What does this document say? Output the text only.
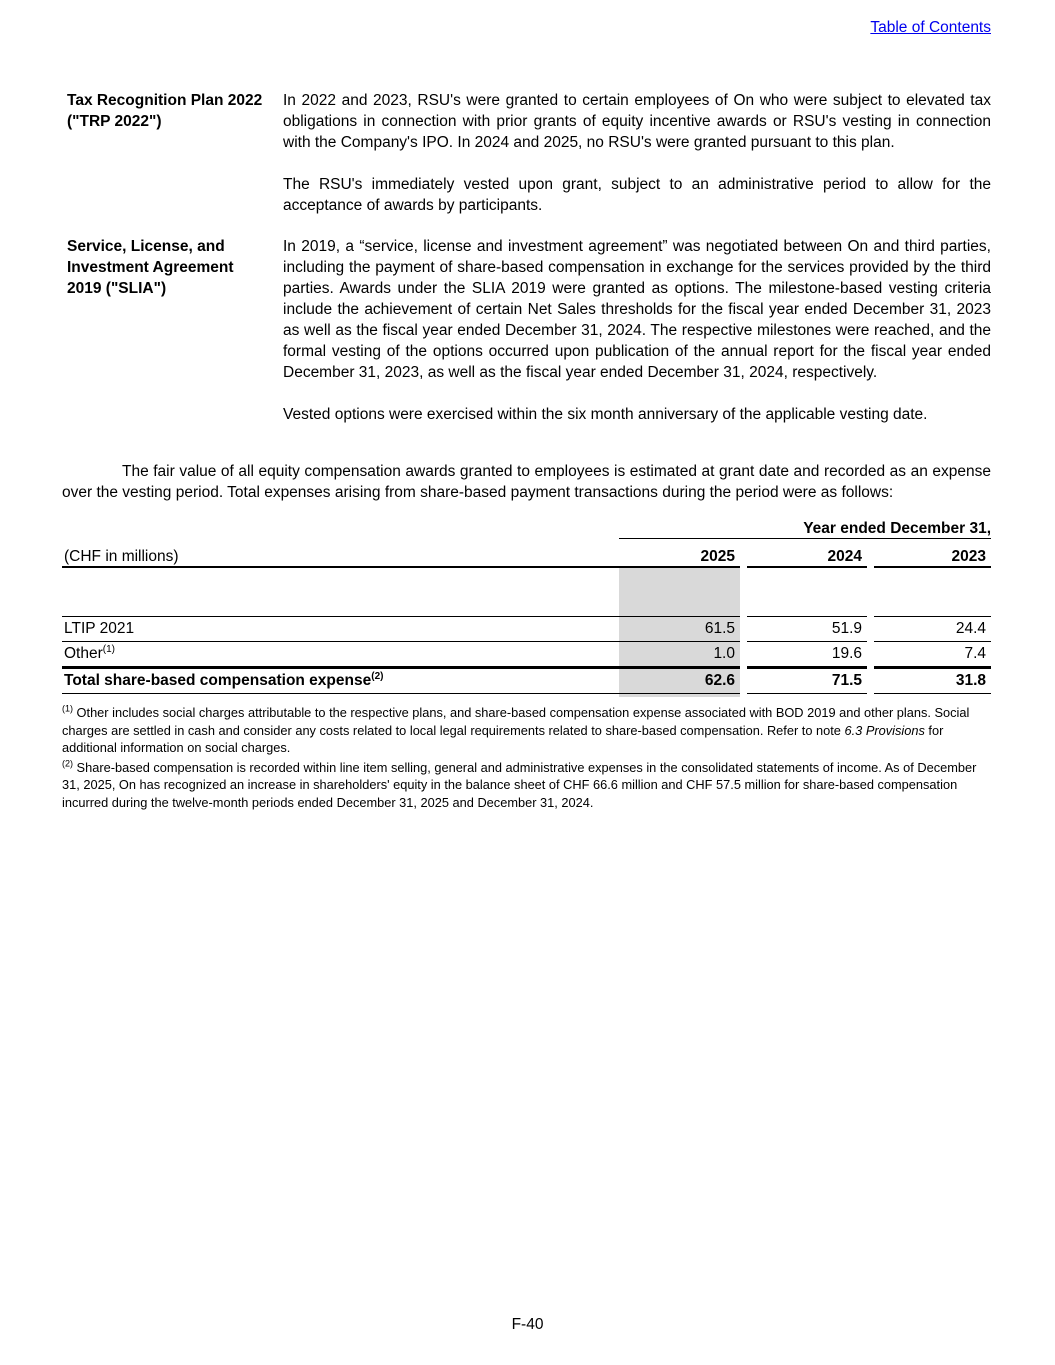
Table of Contents
Tax Recognition Plan 2022 ("TRP 2022")

In 2022 and 2023, RSU's were granted to certain employees of On who were subject to elevated tax obligations in connection with prior grants of equity incentive awards or RSU's vesting in connection with the Company's IPO. In 2024 and 2025, no RSU's were granted pursuant to this plan.

The RSU's immediately vested upon grant, subject to an administrative period to allow for the acceptance of awards by participants.

Service, License, and Investment Agreement 2019 ("SLIA")

In 2019, a “service, license and investment agreement” was negotiated between On and third parties, including the payment of share-based compensation in exchange for the services provided by the third parties. Awards under the SLIA 2019 were granted as options. The milestone-based vesting criteria include the achievement of certain Net Sales thresholds for the fiscal year ended December 31, 2023 as well as the fiscal year ended December 31, 2024. The respective milestones were reached, and the formal vesting of the options occurred upon publication of the annual report for the fiscal year ended December 31, 2023, as well as the fiscal year ended December 31, 2024, respectively.

Vested options were exercised within the six month anniversary of the applicable vesting date.

The fair value of all equity compensation awards granted to employees is estimated at grant date and recorded as an expense over the vesting period. Total expenses arising from share-based payment transactions during the period were as follows:

	Year ended December 31,				
(CHF in millions)	2025		2024		2023

LTIP 2021	61.5		51.9		24.4
Other$^{(1)}$	1.0		19.6		7.4
Total share-based compensation expense$^{(2)}$	62.6		71.5		31.8

$^{(1)}$ Other includes social charges attributable to the respective plans, and share-based compensation expense associated with BOD 2019 and other plans. Social charges are settled in cash and consider any costs related to local legal requirements related to share-based compensation. Refer to note 6.3 Provisions for additional information on social charges.

$^{(2)}$ Share-based compensation is recorded within line item selling, general and administrative expenses in the consolidated statements of income. As of December 31, 2025, On has recognized an increase in shareholders' equity in the balance sheet of CHF 66.6 million and CHF 57.5 million for share-based compensation incurred during the twelve-month periods ended December 31, 2025 and December 31, 2024.

F-40
